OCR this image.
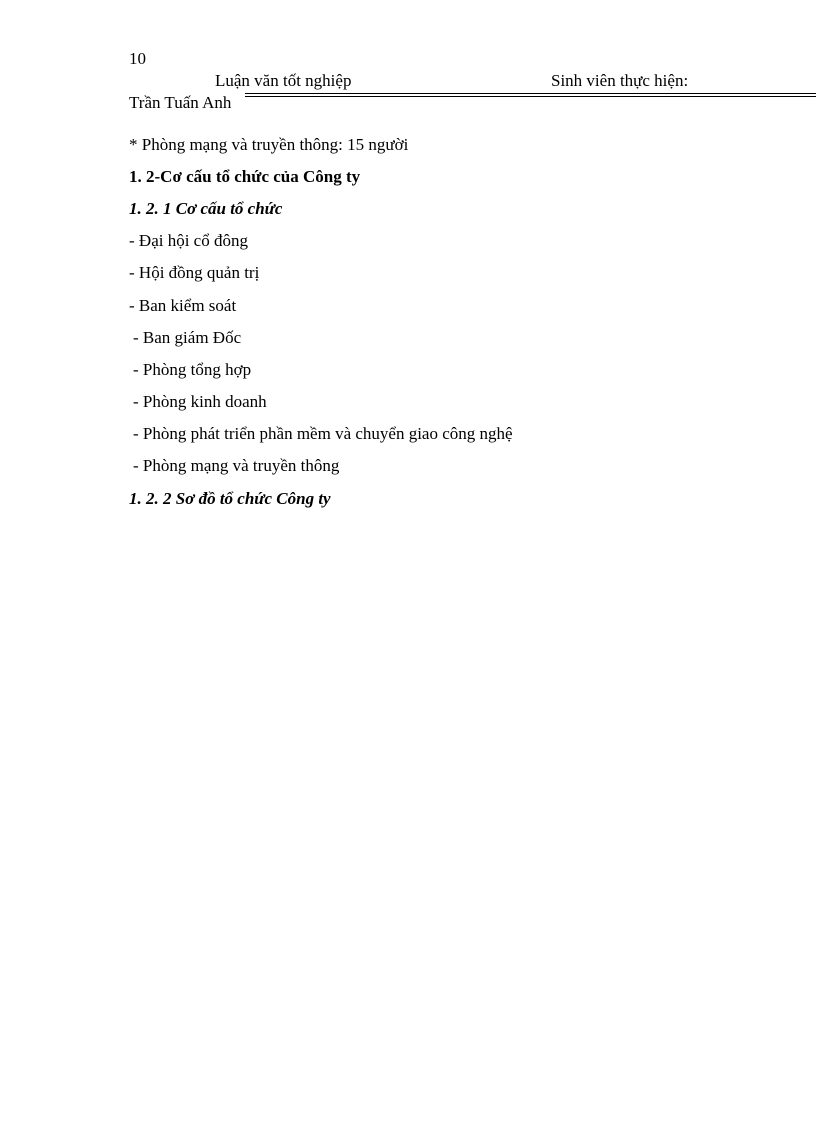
10
Luận văn tốt nghiệp	Sinh viên thực hiện:
Trần Tuấn Anh
* Phòng mạng và truyền thông: 15 người
1. 2-Cơ cấu tổ chức của Công ty
1. 2. 1 Cơ cấu tổ chức
- Đại hội cổ đông
- Hội đồng quản trị
- Ban kiểm soát
- Ban giám Đốc
- Phòng tổng hợp
- Phòng kinh doanh
- Phòng phát triển phần mềm và chuyển giao công nghệ
- Phòng mạng và truyền thông
1. 2. 2 Sơ đồ tổ chức Công ty
